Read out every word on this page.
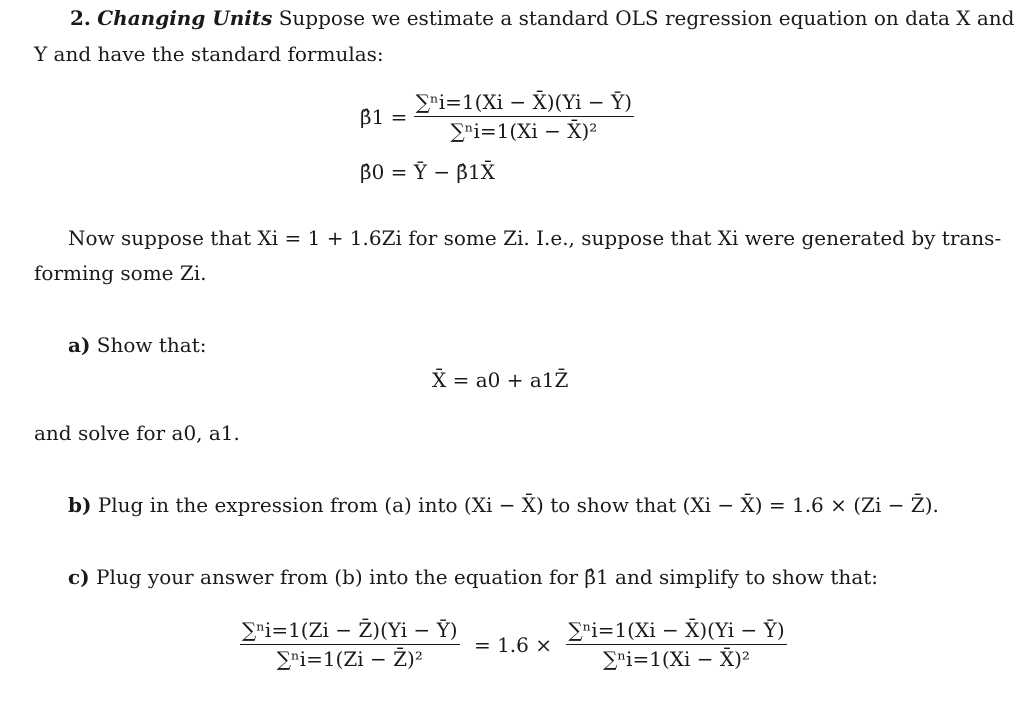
2. Changing Units Suppose we estimate a standard OLS regression equation on data X and
Y and have the standard formulas:
β̂1 = $\frac{\text{∑ⁿi=1(Xi − X̄)(Yi − Ȳ)}}{\text{∑ⁿi=1(Xi − X̄)²}}$
β̂0 = Ȳ − β̂1X̄
Now suppose that Xi = 1 + 1.6Zi for some Zi. I.e., suppose that Xi were generated by trans-
forming some Zi.
a) Show that:
X̄ = a0 + a1Z̄
and solve for a0, a1.
b) Plug in the expression from (a) into (Xi − X̄) to show that (Xi − X̄) = 1.6 × (Zi − Z̄).
c) Plug your answer from (b) into the equation for β̂1 and simplify to show that:
$\frac{\text{∑ⁿi=1(Zi − Z̄)(Yi − Ȳ)}}{\text{∑ⁿi=1(Zi − Z̄)²}} = 1.6 \times \frac{\text{∑ⁿi=1(Xi − X̄)(Yi − Ȳ)}}{\text{∑ⁿi=1(Xi − X̄)²}}$
